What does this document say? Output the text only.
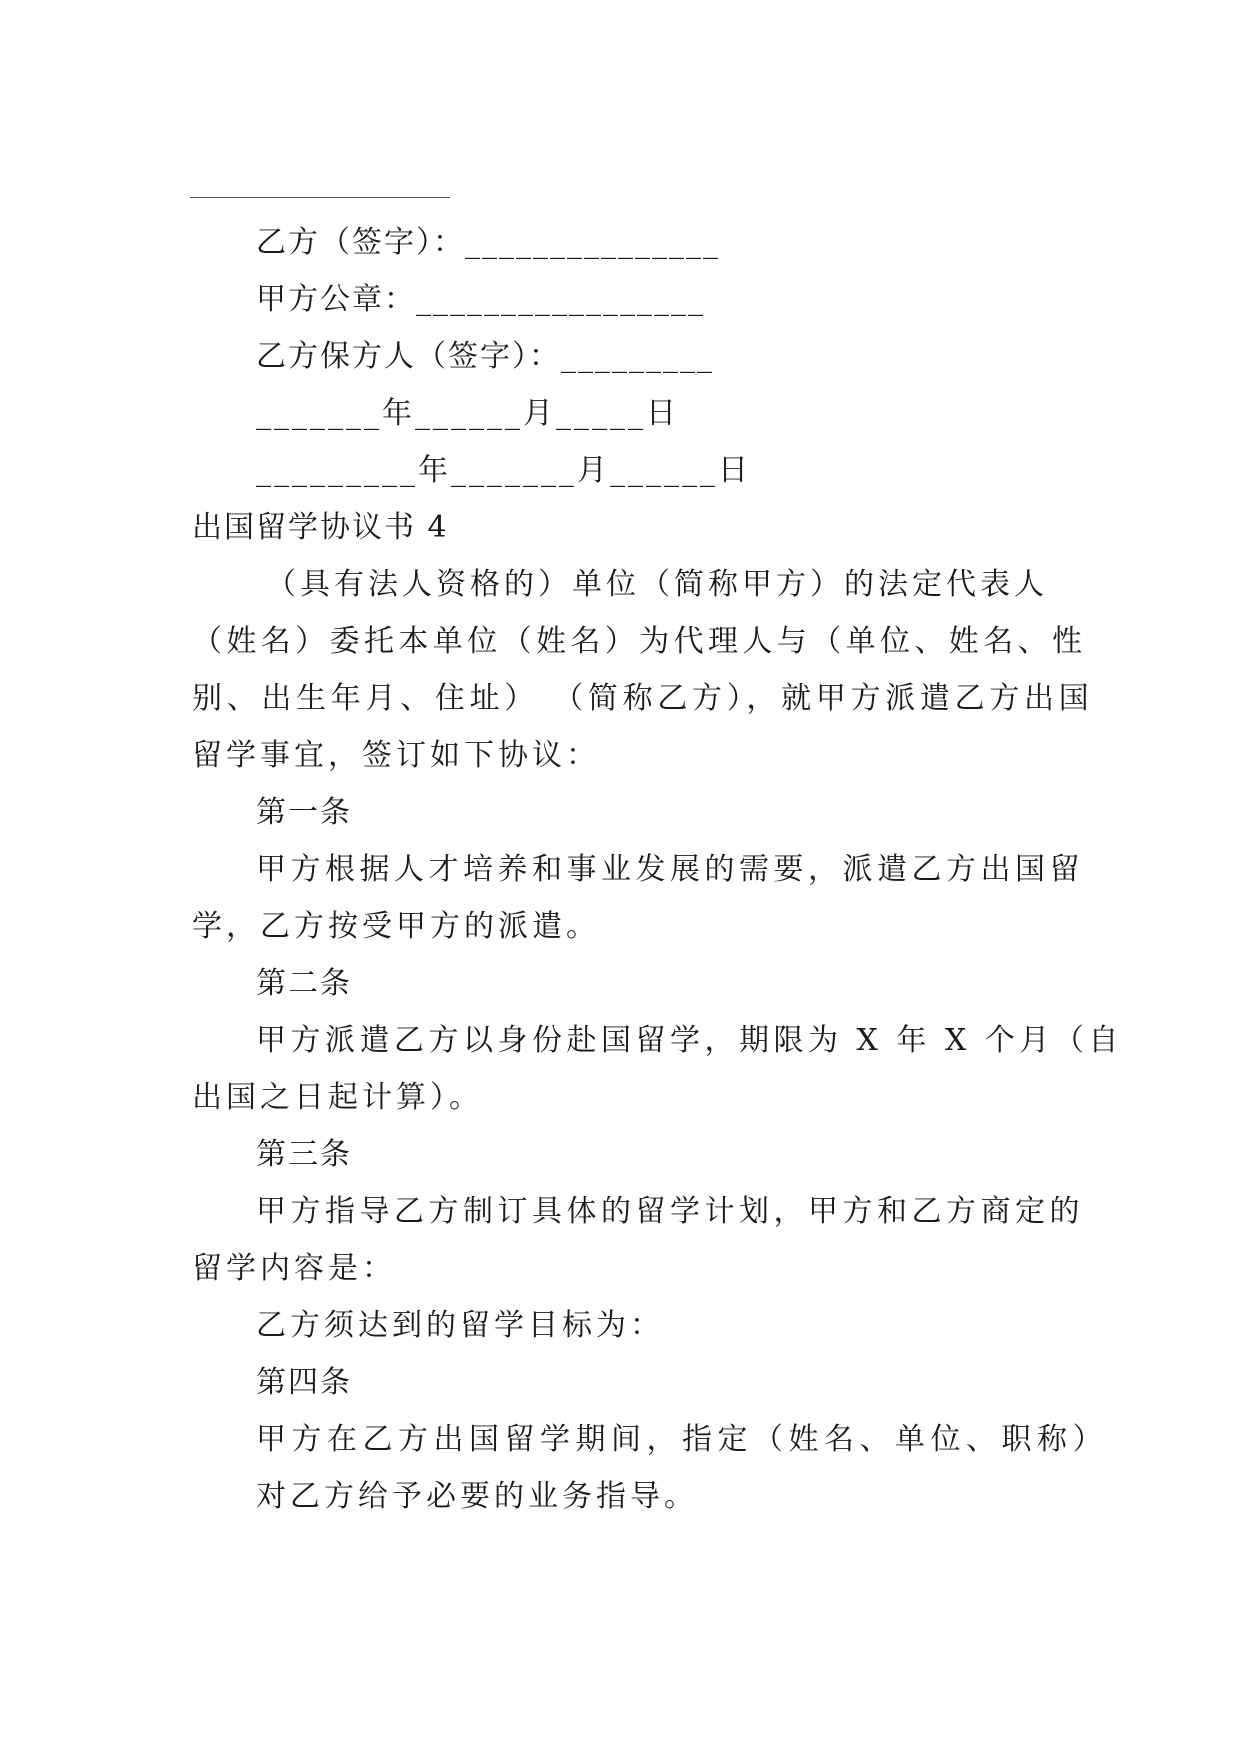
乙方（签字）：_______________

甲方公章：_________________

乙方保方人（签字）：_________

_______年______月_____日

_________年_______月______日

出国留学协议书 4

（具有法人资格的）单位（简称甲方）的法定代表人

（姓名）委托本单位（姓名）为代理人与（单位、姓名、性

别、出生年月、住址） （简称乙方），就甲方派遣乙方出国

留学事宜，签订如下协议：

第一条

甲方根据人才培养和事业发展的需要，派遣乙方出国留

学，乙方按受甲方的派遣。

第二条

甲方派遣乙方以身份赴国留学，期限为 X 年 X 个月（自

出国之日起计算）。

第三条

甲方指导乙方制订具体的留学计划，甲方和乙方商定的

留学内容是：

乙方须达到的留学目标为：

第四条

甲方在乙方出国留学期间，指定（姓名、单位、职称）

对乙方给予必要的业务指导。
